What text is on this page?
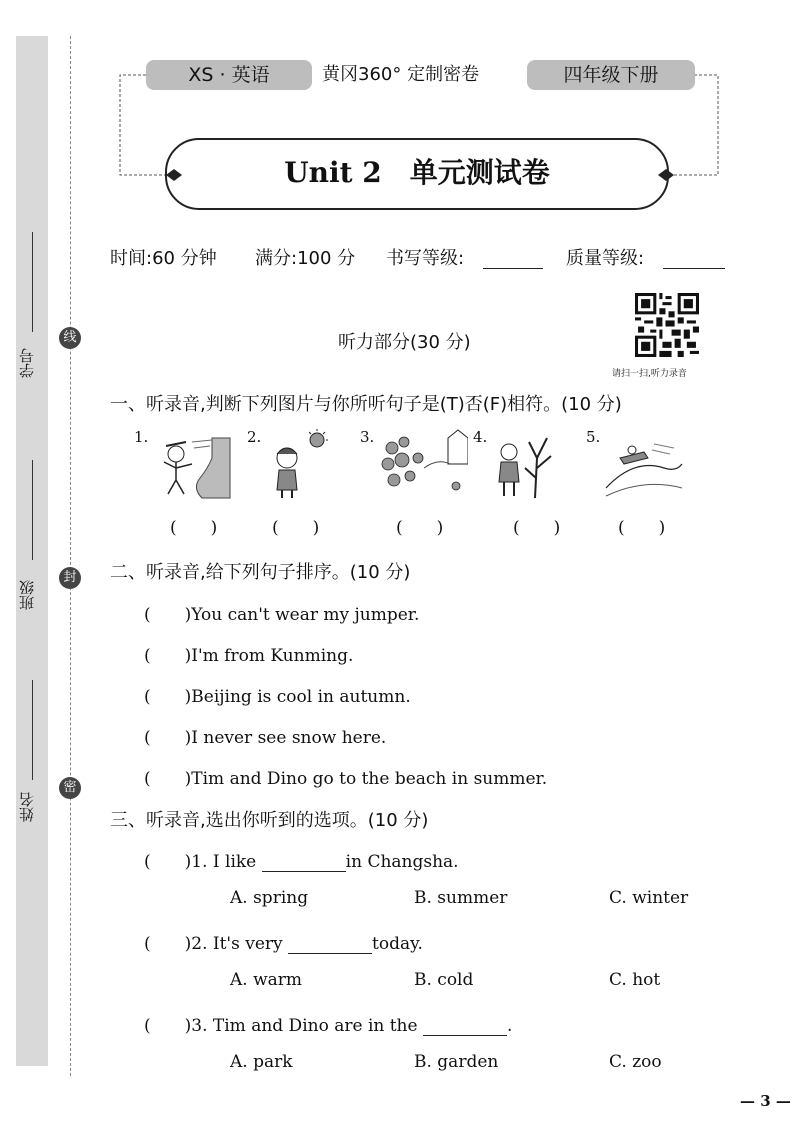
线
封
密
学号
班级
姓名
XS · 英语	黄冈360° 定制密卷	四年级下册
Unit 2　单元测试卷
时间:60 分钟 满分:100 分 书写等级:	质量等级:
听力部分(30 分)
请扫一扫,听力录音
一、听录音,判断下列图片与你所听句子是(T)否(F)相符。(10 分)
1.	2.	3.	4.	5.
(　　)	(　　)	(　　)	(　　)	(　　)
二、听录音,给下列句子排序。(10 分)
(　　)You can't wear my jumper.
(　　)I'm from Kunming.
(　　)Beijing is cool in autumn.
(　　)I never see snow here.
(　　)Tim and Dino go to the beach in summer.
三、听录音,选出你听到的选项。(10 分)
(　　)1. I like	in Changsha.
A. spring	B. summer	C. winter
(　　)2. It's very	today.
A. warm	B. cold	C. hot
(　　)3. Tim and Dino are in the	.
A. park	B. garden	C. zoo
— 3 —
